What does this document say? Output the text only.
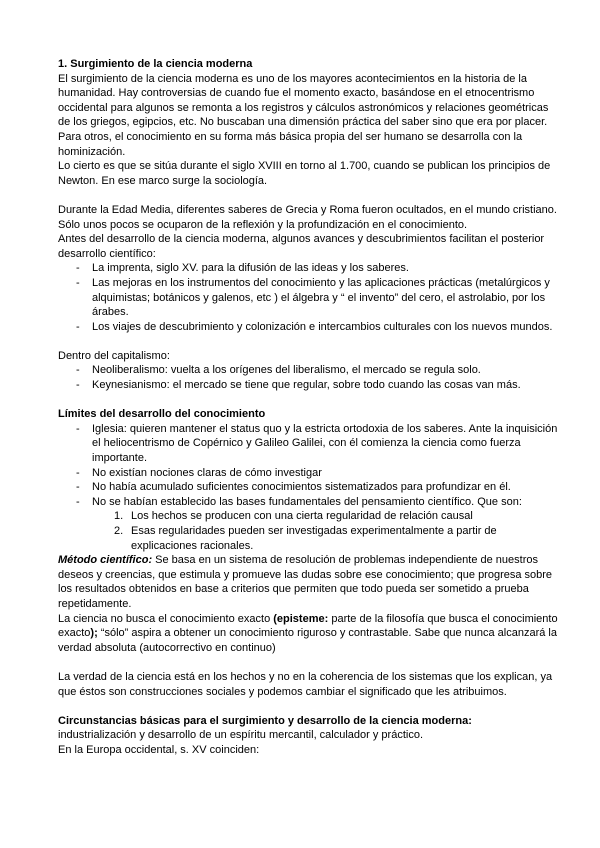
1. Surgimiento de la ciencia moderna

El surgimiento de la ciencia moderna es uno de los mayores acontecimientos en la historia de la humanidad. Hay controversias de cuando fue el momento exacto, basándose en el etnocentrismo occidental para algunos se remonta a los registros y cálculos astronómicos y relaciones geométricas de los griegos, egipcios, etc. No buscaban una dimensión práctica del saber sino que era por placer.

Para otros, el conocimiento en su forma más básica propia del ser humano se desarrolla con la hominización.

Lo cierto es que se sitúa durante el siglo XVIII en torno al 1.700, cuando se publican los principios de Newton. En ese marco surge la sociología.

Durante la Edad Media, diferentes saberes de Grecia y Roma fueron ocultados, en el mundo cristiano. Sólo unos pocos se ocuparon de la reflexión y la profundización en el conocimiento.

Antes del desarrollo de la ciencia moderna, algunos avances y descubrimientos facilitan el posterior desarrollo científico:

- La imprenta, siglo XV. para la difusión de las ideas y los saberes.
- Las mejoras en los instrumentos del conocimiento y las aplicaciones prácticas (metalúrgicos y alquimistas; botánicos y galenos, etc ) el álgebra y “ el invento” del cero, el astrolabio, por los árabes.
- Los viajes de descubrimiento y colonización e intercambios culturales con los nuevos mundos.

Dentro del capitalismo:

- Neoliberalismo: vuelta a los orígenes del liberalismo, el mercado se regula solo.
- Keynesianismo: el mercado se tiene que regular, sobre todo cuando las cosas van más.

Límites del desarrollo del conocimiento

- Iglesia: quieren mantener el status quo y la estricta ortodoxia de los saberes. Ante la inquisición el heliocentrismo de Copérnico y Galileo Galilei, con él comienza la ciencia como fuerza importante.
- No existían nociones claras de cómo investigar
- No había acumulado suficientes conocimientos sistematizados para profundizar en él.
- No se habían establecido las bases fundamentales del pensamiento científico. Que son:
1. Los hechos se producen con una cierta regularidad de relación causal
2. Esas regularidades pueden ser investigadas experimentalmente a partir de explicaciones racionales.

Método científico: Se basa en un sistema de resolución de problemas independiente de nuestros deseos y creencias, que estimula y promueve las dudas sobre ese conocimiento; que progresa sobre los resultados obtenidos en base a criterios que permiten que todo pueda ser sometido a prueba repetidamente.

La ciencia no busca el conocimiento exacto (episteme: parte de la filosofía que busca el conocimiento exacto); “sólo” aspira a obtener un conocimiento riguroso y contrastable. Sabe que nunca alcanzará la verdad absoluta (autocorrectivo en continuo)

La verdad de la ciencia está en los hechos y no en la coherencia de los sistemas que los explican, ya que éstos son construcciones sociales y podemos cambiar el significado que les atribuimos.

Circunstancias básicas para el surgimiento y desarrollo de la ciencia moderna:

industrialización y desarrollo de un espíritu mercantil, calculador y práctico.

En la Europa occidental, s. XV coinciden:
